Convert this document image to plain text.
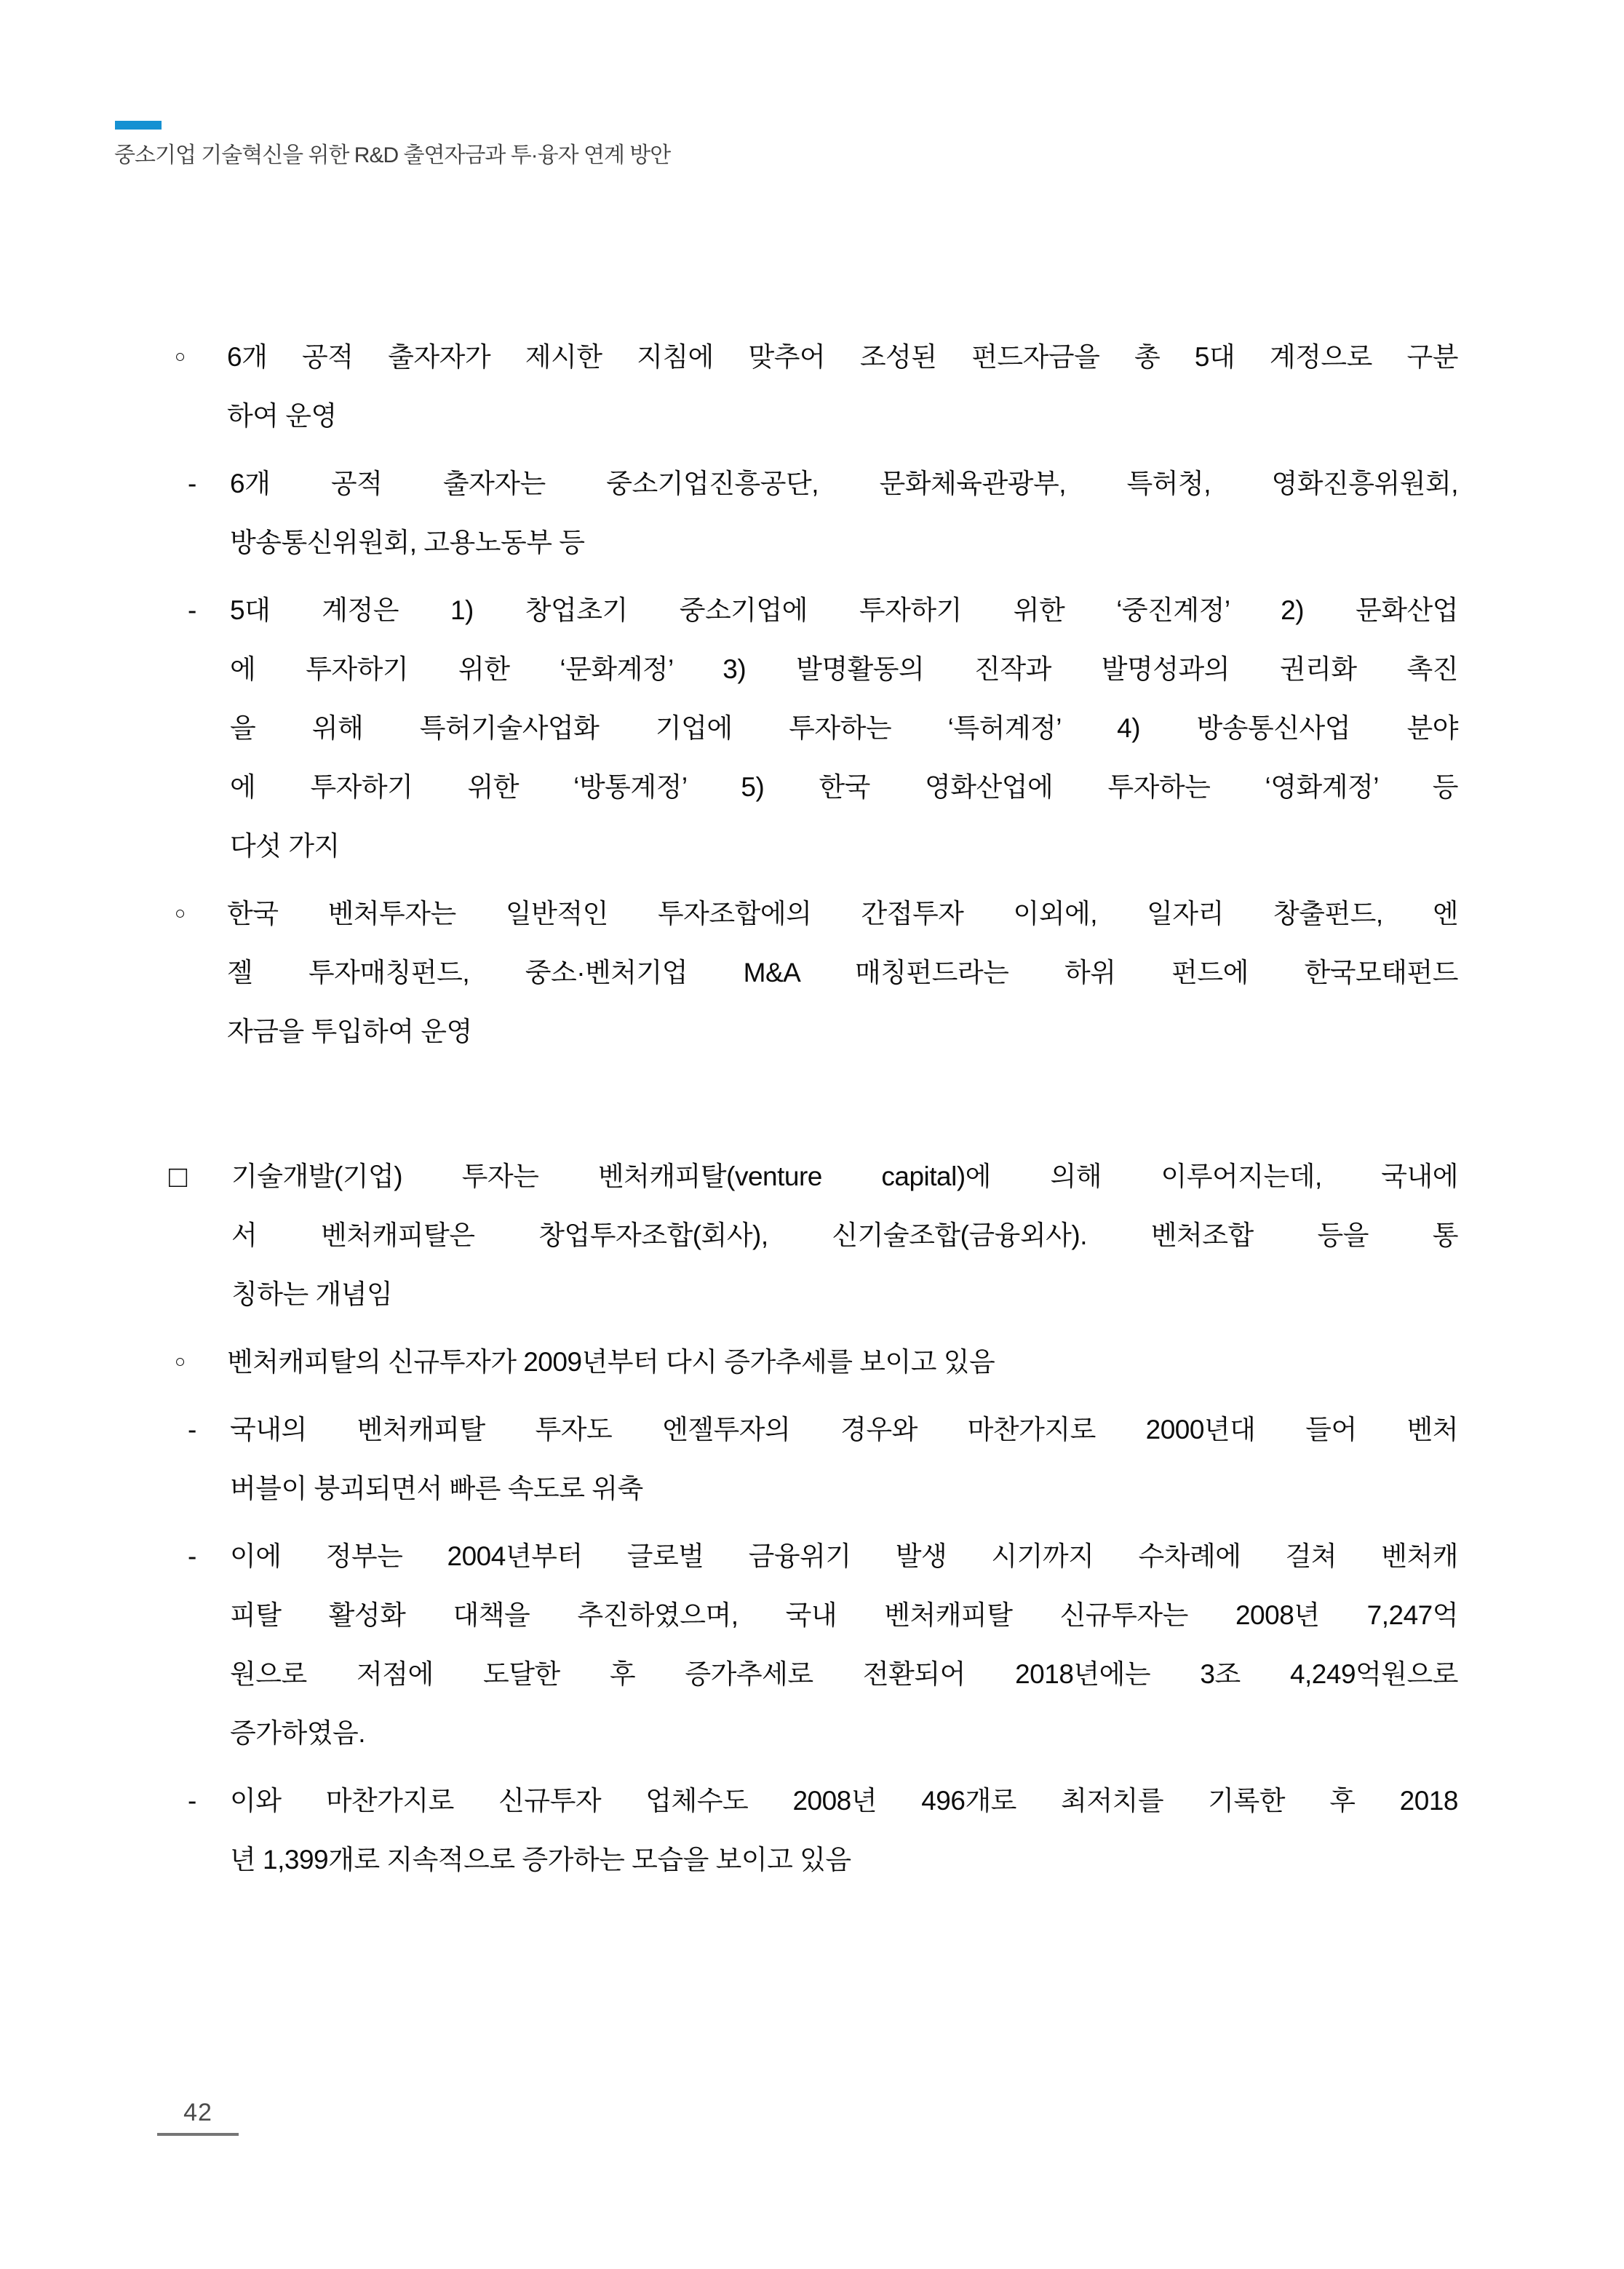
중소기업 기술혁신을 위한 R&D 출연자금과 투·융자 연계 방안
○	6개 공적 출자자가 제시한 지침에 맞추어 조성된 펀드자금을 총 5대 계정으로 구분
하여 운영
-	6개 공적 출자자는 중소기업진흥공단, 문화체육관광부, 특허청, 영화진흥위원회,
방송통신위원회, 고용노동부 등
-	5대 계정은 1) 창업초기 중소기업에 투자하기 위한 ‘중진계정’ 2) 문화산업
에 투자하기 위한 ‘문화계정’ 3) 발명활동의 진작과 발명성과의 권리화 촉진
을 위해 특허기술사업화 기업에 투자하는 ‘특허계정’ 4) 방송통신사업 분야
에 투자하기 위한 ‘방통계정’ 5) 한국 영화산업에 투자하는 ‘영화계정’ 등
다섯 가지
○	한국 벤처투자는 일반적인 투자조합에의 간접투자 이외에, 일자리 창출펀드, 엔
젤 투자매칭펀드, 중소·벤처기업 M&A 매칭펀드라는 하위 펀드에 한국모태펀드
자금을 투입하여 운영
□	기술개발(기업) 투자는 벤처캐피탈(venture capital)에 의해 이루어지는데, 국내에
서 벤처캐피탈은 창업투자조합(회사), 신기술조합(금융외사). 벤처조합 등을 통
칭하는 개념임
○	벤처캐피탈의 신규투자가 2009년부터 다시 증가추세를 보이고 있음
-	국내의 벤처캐피탈 투자도 엔젤투자의 경우와 마찬가지로 2000년대 들어 벤처
버블이 붕괴되면서 빠른 속도로 위축
-	이에 정부는 2004년부터 글로벌 금융위기 발생 시기까지 수차례에 걸쳐 벤처캐
피탈 활성화 대책을 추진하였으며, 국내 벤처캐피탈 신규투자는 2008년 7,247억
원으로 저점에 도달한 후 증가추세로 전환되어 2018년에는 3조 4,249억원으로
증가하였음.
-	이와 마찬가지로 신규투자 업체수도 2008년 496개로 최저치를 기록한 후 2018
년 1,399개로 지속적으로 증가하는 모습을 보이고 있음
42
